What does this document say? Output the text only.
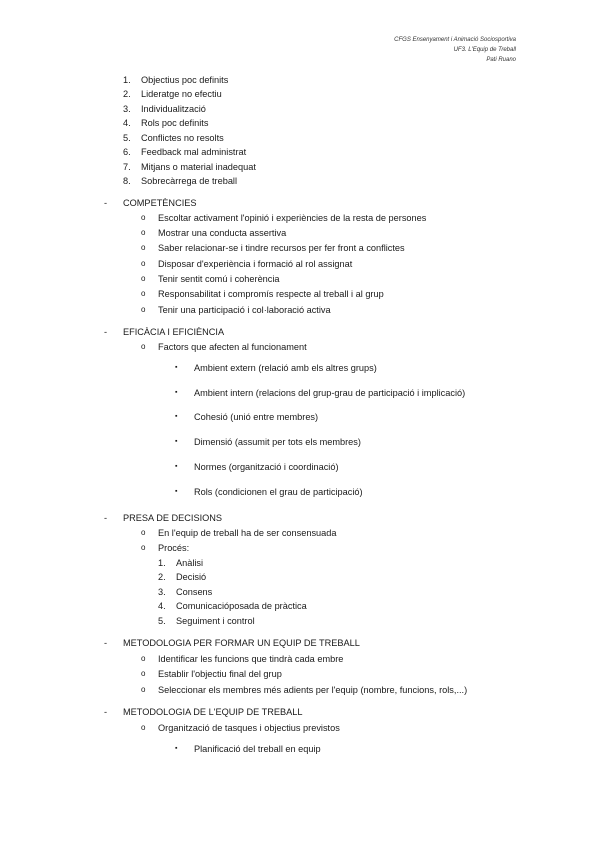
CFGS Ensenyament i Animació Sociosportiva
UF3. L'Equip de Treball
Pati Ruano
1. Objectius poc definits
2. Lideratge no efectiu
3. Individualització
4. Rols poc definits
5. Conflictes no resolts
6. Feedback mal administrat
7. Mitjans o material inadequat
8. Sobrecàrrega de treball
- COMPETÈNCIES
o Escoltar activament l'opinió i experiències de la resta de persones
o Mostrar una conducta assertiva
o Saber relacionar-se i tindre recursos per fer front a conflictes
o Disposar d'experiència i formació al rol assignat
o Tenir sentit comú i coherència
o Responsabilitat i compromís respecte al treball i al grup
o Tenir una participació i col·laboració activa
- EFICÀCIA I EFICIÈNCIA
o Factors que afecten al funcionament
▪ Ambient extern (relació amb els altres grups)
▪ Ambient intern (relacions del grup-grau de participació i implicació)
▪ Cohesió (unió entre membres)
▪ Dimensió (assumit per tots els membres)
▪ Normes (organització i coordinació)
▪ Rols (condicionen el grau de participació)
- PRESA DE DECISIONS
o En l'equip de treball ha de ser consensuada
o Procés:
1. Anàlisi
2. Decisió
3. Consens
4. Comunicacióposada de pràctica
5. Seguiment i control
- METODOLOGIA PER FORMAR UN EQUIP DE TREBALL
o Identificar les funcions que tindrà cada embre
o Establir l'objectiu final del grup
o Seleccionar els membres més adients per l'equip (nombre, funcions, rols,...)
- METODOLOGIA DE L'EQUIP DE TREBALL
o Organització de tasques i objectius previstos
▪ Planificació del treball en equip
